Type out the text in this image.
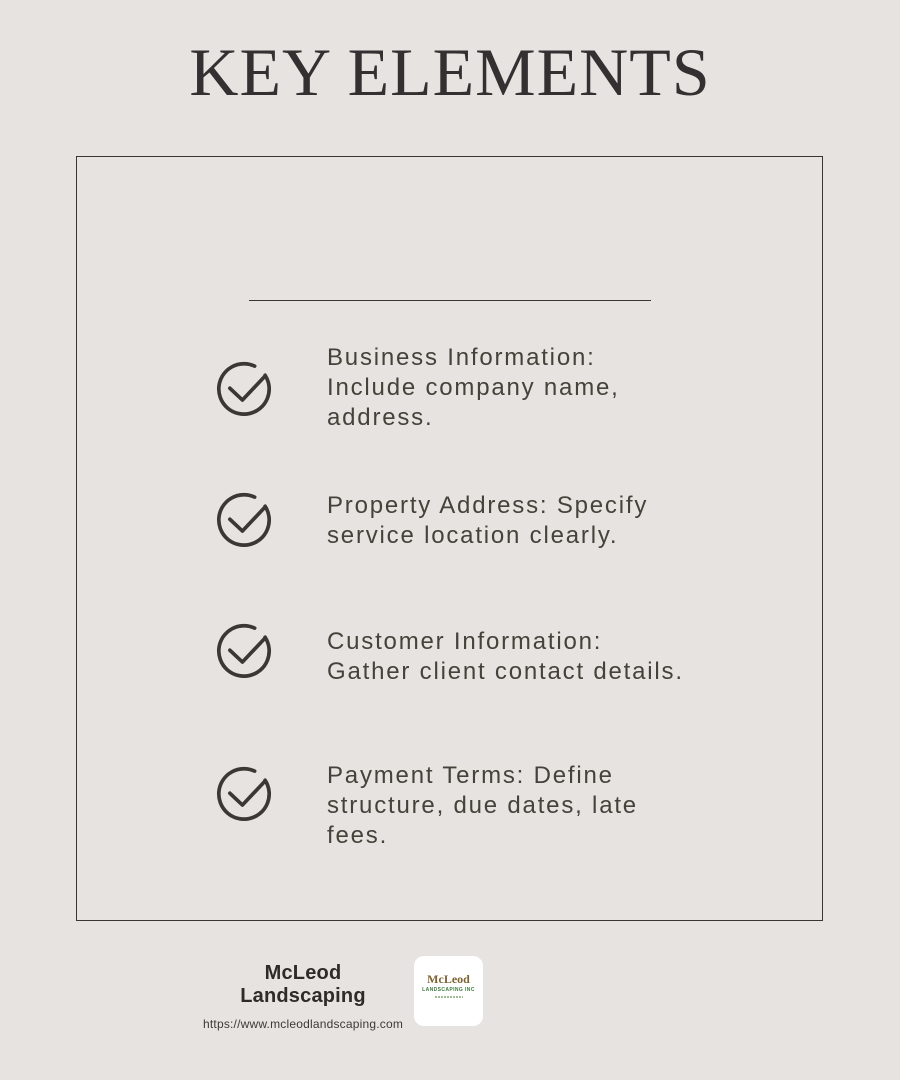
KEY ELEMENTS
Business Information:
Include company name,
address.
Property Address: Specify
service location clearly.
Customer Information:
Gather client contact details.
Payment Terms: Define
structure, due dates, late
fees.
McLeod Landscaping
https://www.mcleodlandscaping.com
McLeod
LANDSCAPING INC
